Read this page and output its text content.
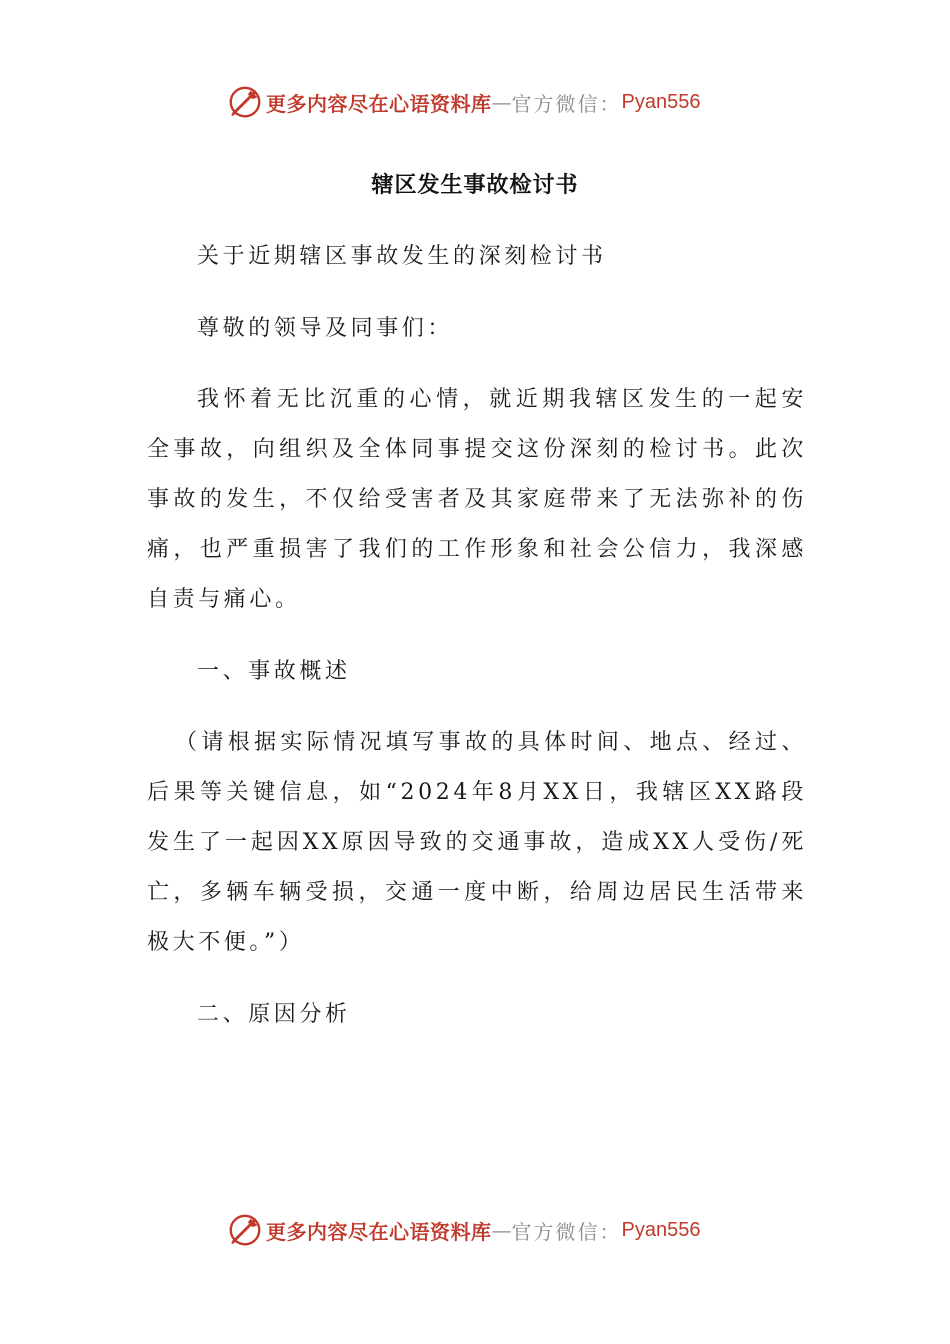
更多内容尽在心语资料库 — 官方微信： Pyan556
辖区发生事故检讨书

关于近期辖区事故发生的深刻检讨书

尊敬的领导及同事们：

我怀着无比沉重的心情，就近期我辖区发生的一起安全事故，向组织及全体同事提交这份深刻的检讨书。此次事故的发生，不仅给受害者及其家庭带来了无法弥补的伤痛，也严重损害了我们的工作形象和社会公信力，我深感自责与痛心。

一、事故概述

（请根据实际情况填写事故的具体时间、地点、经过、后果等关键信息，如“2024年8月XX日，我辖区XX路段发生了一起因XX原因导致的交通事故，造成XX人受伤/死亡，多辆车辆受损，交通一度中断，给周边居民生活带来极大不便。”）

二、原因分析

更多内容尽在心语资料库 — 官方微信： Pyan556
